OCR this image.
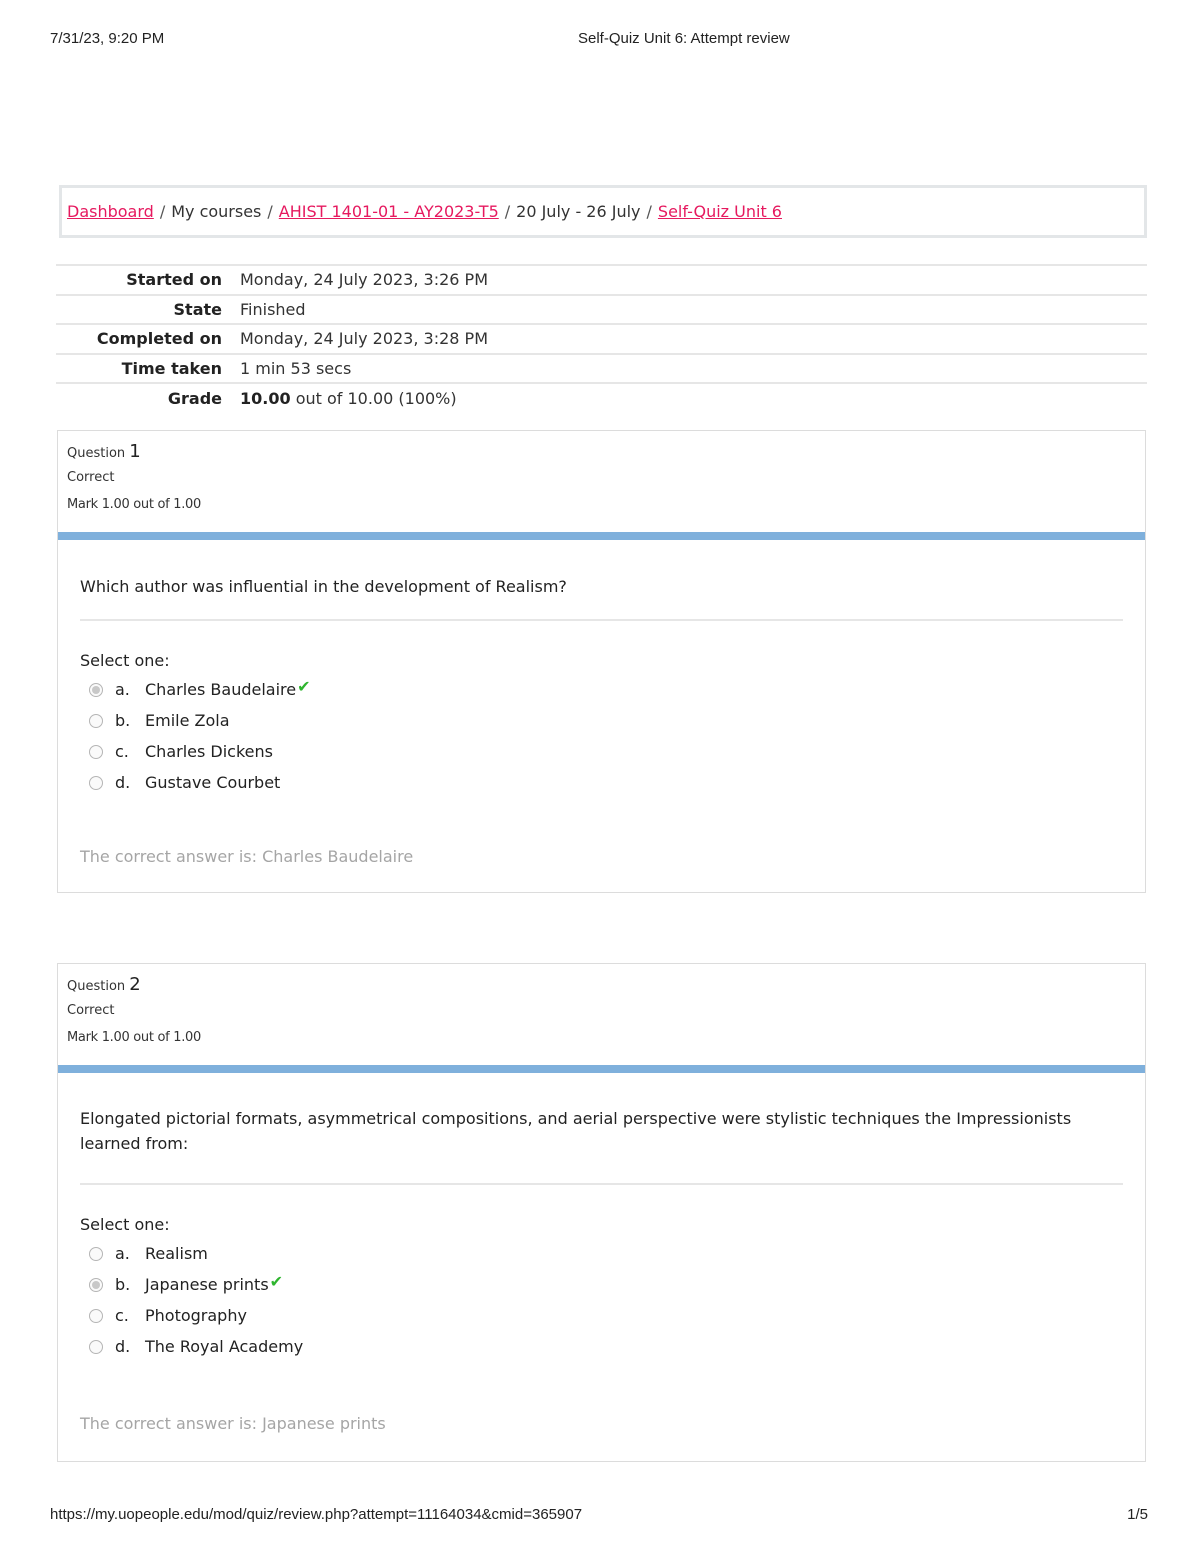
7/31/23, 9:20 PM	Self-Quiz Unit 6: Attempt review
Dashboard / My courses / AHIST 1401-01 - AY2023-T5 / 20 July - 26 July / Self-Quiz Unit 6
Started on	Monday, 24 July 2023, 3:26 PM
State	Finished
Completed on	Monday, 24 July 2023, 3:28 PM
Time taken	1 min 53 secs
Grade	10.00 out of 10.00 (100%)
Question 1
Correct
Mark 1.00 out of 1.00
Which author was influential in the development of Realism?
Select one:
a. Charles Baudelaire ✔
b. Emile Zola
c.	Charles Dickens
d. Gustave Courbet
The correct answer is: Charles Baudelaire
Question 2
Correct
Mark 1.00 out of 1.00
Elongated pictorial formats, asymmetrical compositions, and aerial perspective were stylistic techniques the Impressionists learned from:
Select one:
a. Realism
b. Japanese prints ✔
c.	Photography
d. The Royal Academy
The correct answer is: Japanese prints
https://my.uopeople.edu/mod/quiz/review.php?attempt=11164034&cmid=365907	1/5
